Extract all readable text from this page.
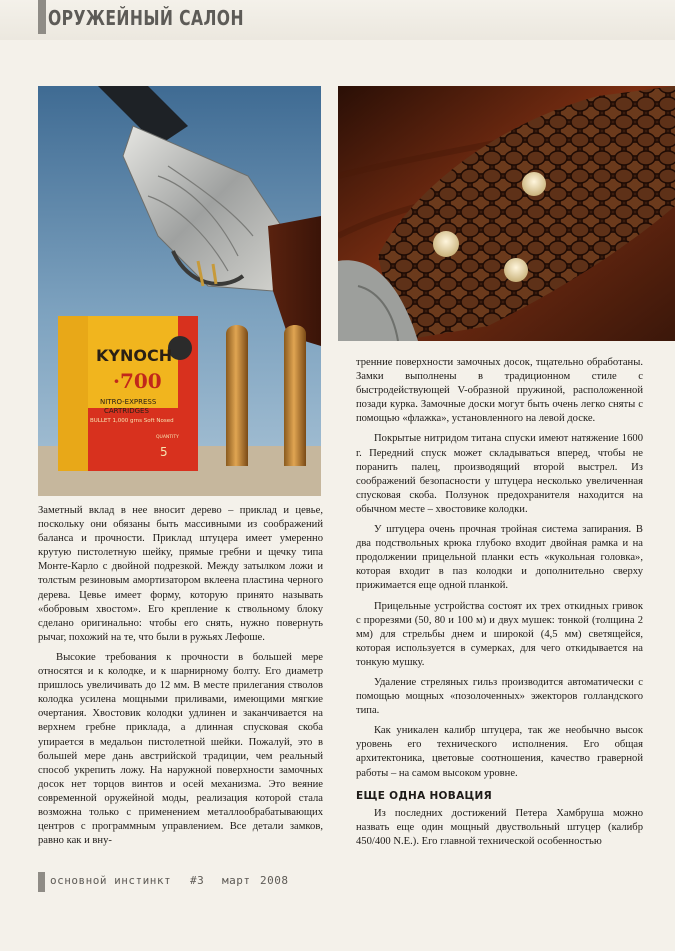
ОРУЖЕЙНЫЙ САЛОН
KYNOCH
·700
NITRO-EXPRESS
CARTRIDGES
BULLET 1,000 grns Soft Nosed
QUANTITY
5

Заметный вклад в нее вносит дерево – приклад и цевье, поскольку они обязаны быть массивными из соображений баланса и прочности. Приклад штуцера имеет умеренно крутую пистолетную шейку, прямые гребни и щечку типа Монте-Карло с двойной подрезкой. Между затылком ложи и толстым резиновым амортизатором вклеена пластина черного дерева. Цевье имеет форму, которую принято называть «бобровым хвостом». Его крепление к ствольному блоку сделано оригинально: чтобы его снять, нужно повернуть рычаг, похожий на те, что были в ружьях Лефоше.

Высокие требования к прочности в большей мере относятся и к колодке, и к шарнирному болту. Его диаметр пришлось увеличивать до 12 мм. В месте прилегания стволов колодка усилена мощными приливами, имеющими мягкие очертания. Хвостовик колодки удлинен и заканчивается на верхнем гребне приклада, а длинная спусковая скоба упирается в медальон пистолетной шейки. Пожалуй, это в большей мере дань австрийской традиции, чем реальный способ укрепить ложу. На наружной поверхности замочных досок нет торцов винтов и осей механизма. Это веяние современной оружейной моды, реализация которой стала возможна только с применением металлообрабатывающих центров с программным управлением. Все детали замков, равно как и вну-

тренние поверхности замочных досок, тщательно обработаны. Замки выполнены в традиционном стиле с быстродействующей V-образной пружиной, расположенной позади курка. Замочные доски могут быть очень легко сняты с помощью «флажка», установленного на левой доске.

Покрытые нитридом титана спуски имеют натяжение 1600 г. Передний спуск может складываться вперед, чтобы не поранить палец, производящий второй выстрел. Из соображений безопасности у штуцера несколько увеличенная спусковая скоба. Ползунок предохранителя находится на обычном месте – хвостовике колодки.

У штуцера очень прочная тройная система запирания. В два подствольных крюка глубоко входит двойная рамка и на продолжении прицельной планки есть «кукольная головка», которая входит в паз колодки и дополнительно сверху прижимается еще одной планкой.

Прицельные устройства состоят их трех откидных гривок с прорезями (50, 80 и 100 м) и двух мушек: тонкой (толщина 2 мм) для стрельбы днем и широкой (4,5 мм) светящейся, которая используется в сумерках, для чего откидывается на тонкую мушку.

Удаление стреляных гильз производится автоматически с помощью мощных «позолоченных» эжекторов голландского типа.

Как уникален калибр штуцера, так же необычно высок уровень его технического исполнения. Его общая архитектоника, цветовые соотношения, качество граверной работы – на самом высоком уровне.

ЕЩЕ ОДНА НОВАЦИЯ

Из последних достижений Петера Хамбруша можно назвать еще один мощный двуствольный штуцер (калибр 450/400 N.E.). Его главной технической особенностью

основной инстинкт #3 март 2008
